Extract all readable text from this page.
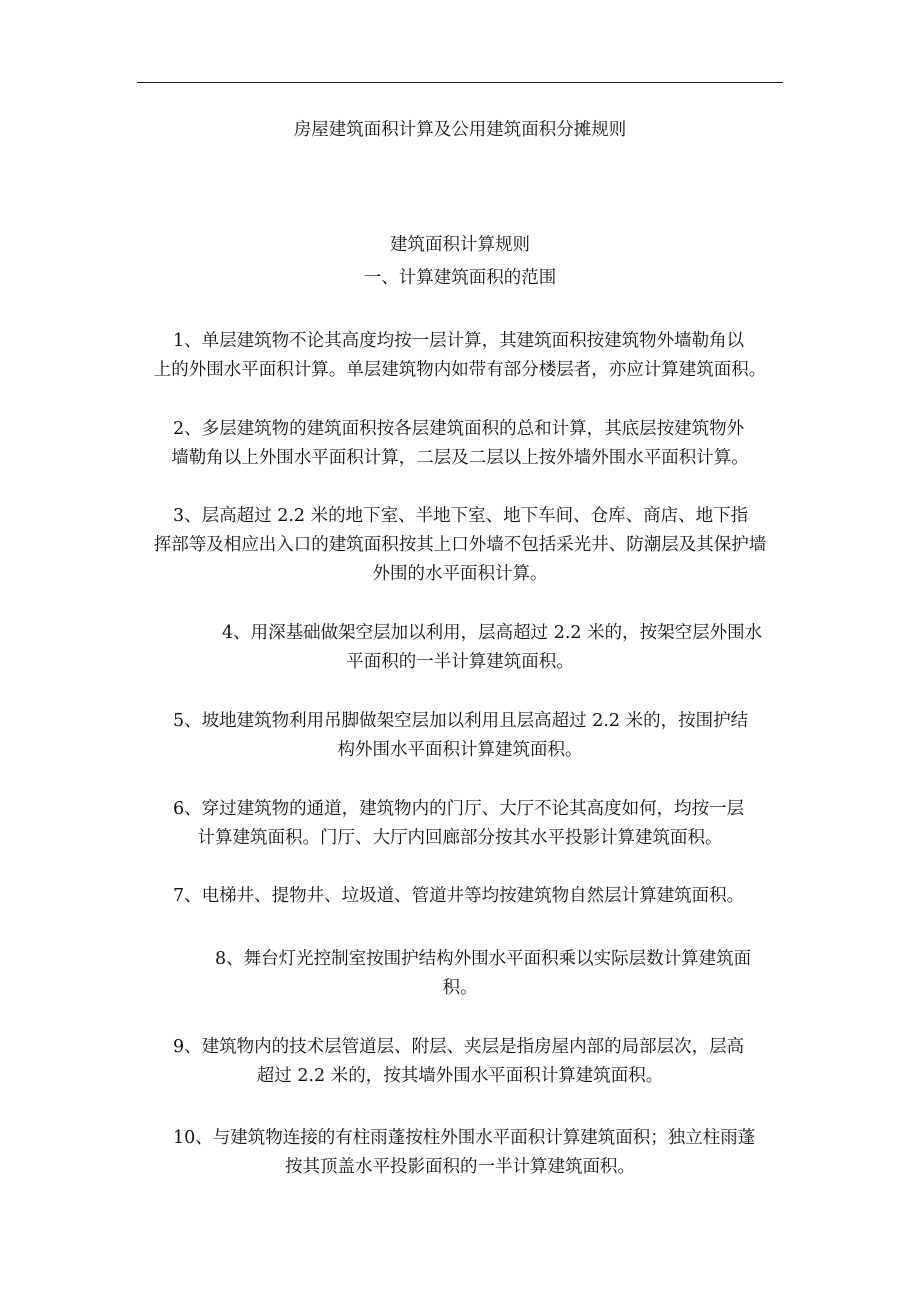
房屋建筑面积计算及公用建筑面积分摊规则
建筑面积计算规则
一、计算建筑面积的范围
1、单层建筑物不论其高度均按一层计算，其建筑面积按建筑物外墙勒角以
上的外围水平面积计算。单层建筑物内如带有部分楼层者，亦应计算建筑面积。
2、多层建筑物的建筑面积按各层建筑面积的总和计算，其底层按建筑物外
墙勒角以上外围水平面积计算，二层及二层以上按外墙外围水平面积计算。
3、层高超过 2.2 米的地下室、半地下室、地下车间、仓库、商店、地下指
挥部等及相应出入口的建筑面积按其上口外墙不包括采光井、防潮层及其保护墙
外围的水平面积计算。
4、用深基础做架空层加以利用，层高超过 2.2 米的，按架空层外围水
平面积的一半计算建筑面积。
5、坡地建筑物利用吊脚做架空层加以利用且层高超过 2.2 米的，按围护结
构外围水平面积计算建筑面积。
6、穿过建筑物的通道，建筑物内的门厅、大厅不论其高度如何，均按一层
计算建筑面积。门厅、大厅内回廊部分按其水平投影计算建筑面积。
7、电梯井、提物井、垃圾道、管道井等均按建筑物自然层计算建筑面积。
8、舞台灯光控制室按围护结构外围水平面积乘以实际层数计算建筑面
积。
9、建筑物内的技术层管道层、附层、夹层是指房屋内部的局部层次，层高
超过 2.2 米的，按其墙外围水平面积计算建筑面积。
10、与建筑物连接的有柱雨蓬按柱外围水平面积计算建筑面积；独立柱雨蓬
按其顶盖水平投影面积的一半计算建筑面积。
